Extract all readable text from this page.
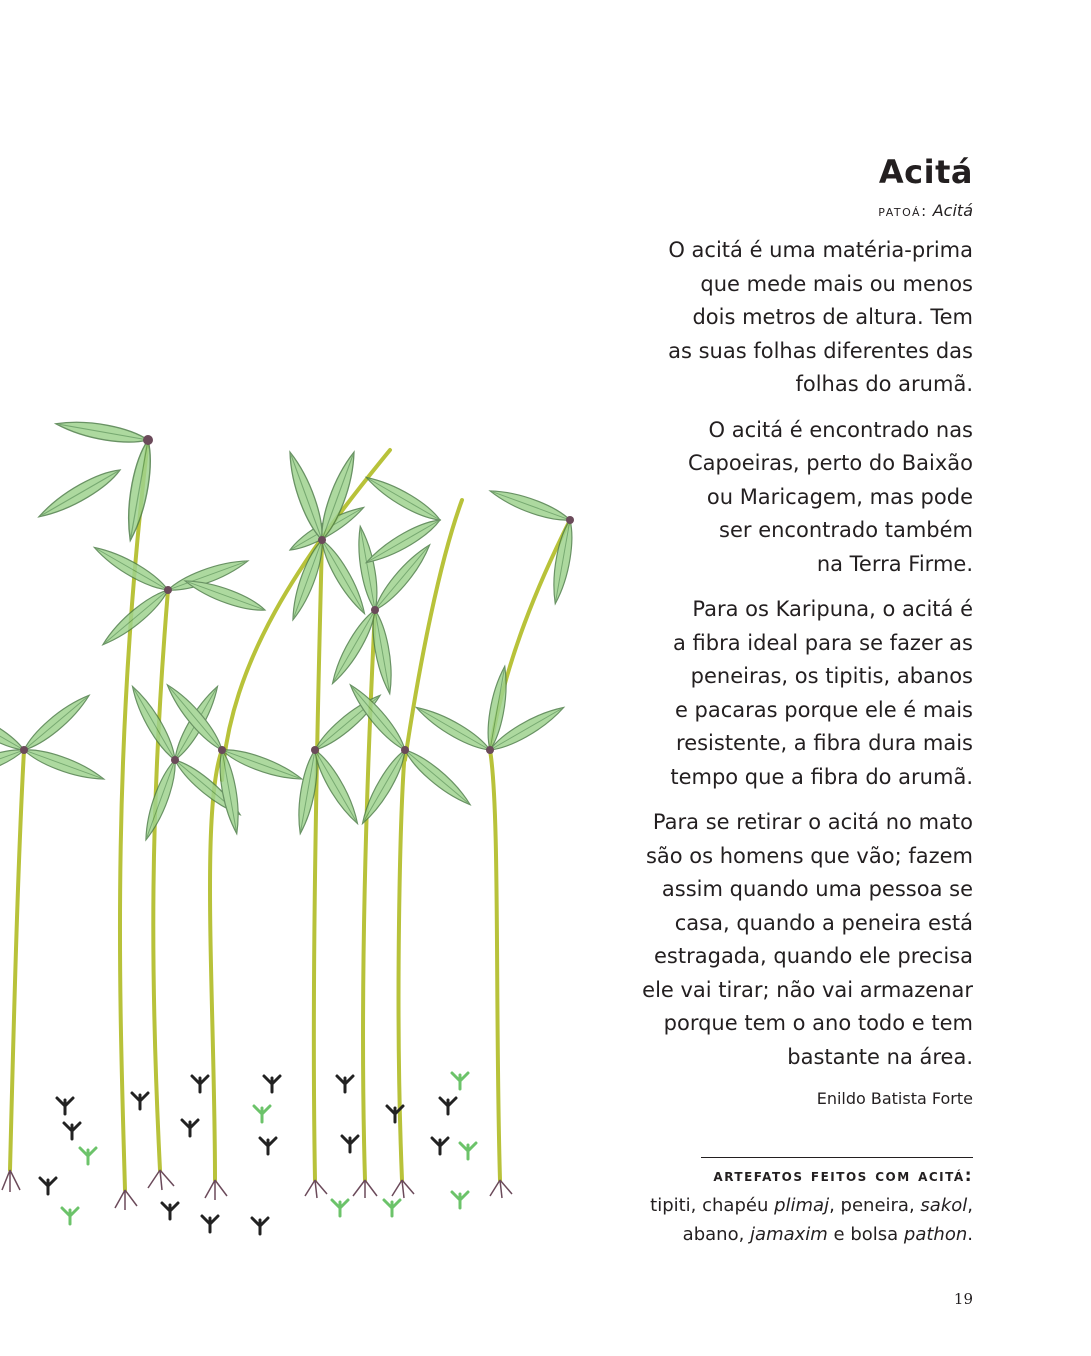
Acitá
patoá: Acitá

O acitá é uma matéria-prima
que mede mais ou menos
dois metros de altura. Tem
as suas folhas diferentes das
folhas do arumã.

O acitá é encontrado nas
Capoeiras, perto do Baixão
ou Maricagem, mas pode
ser encontrado também
na Terra Firme.

Para os Karipuna, o acitá é
a fibra ideal para se fazer as
peneiras, os tipitis, abanos
e pacaras porque ele é mais
resistente, a fibra dura mais
tempo que a fibra do arumã.

Para se retirar o acitá no mato
são os homens que vão; fazem
assim quando uma pessoa se
casa, quando a peneira está
estragada, quando ele precisa
ele vai tirar; não vai armazenar
porque tem o ano todo e tem
bastante na área.

Enildo Batista Forte
artefatos feitos com acitá:
tipiti, chapéu plimaj, peneira, sakol,
abano, jamaxim e bolsa pathon.
19
